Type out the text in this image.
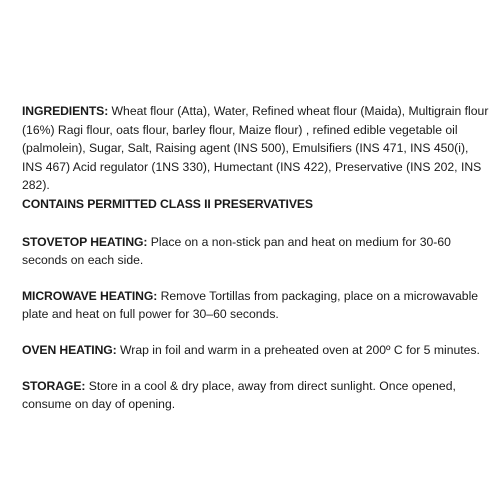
INGREDIENTS: Wheat flour (Atta), Water, Refined wheat flour (Maida), Multigrain flour (16%) Ragi flour, oats flour, barley flour, Maize flour) , refined edible vegetable oil (palmolein), Sugar, Salt, Raising agent (INS 500), Emulsifiers (INS 471, INS 450(i), INS 467) Acid regulator (1NS 330), Humectant (INS 422), Preservative (INS 202, INS 282).

CONTAINS PERMITTED CLASS II PRESERVATIVES

STOVETOP HEATING: Place on a non-stick pan and heat on medium for 30-60 seconds on each side.

MICROWAVE HEATING: Remove Tortillas from packaging, place on a microwavable plate and heat on full power for 30–60 seconds.

OVEN HEATING: Wrap in foil and warm in a preheated oven at 200º C for 5 minutes.

STORAGE: Store in a cool & dry place, away from direct sunlight. Once opened, consume on day of opening.
